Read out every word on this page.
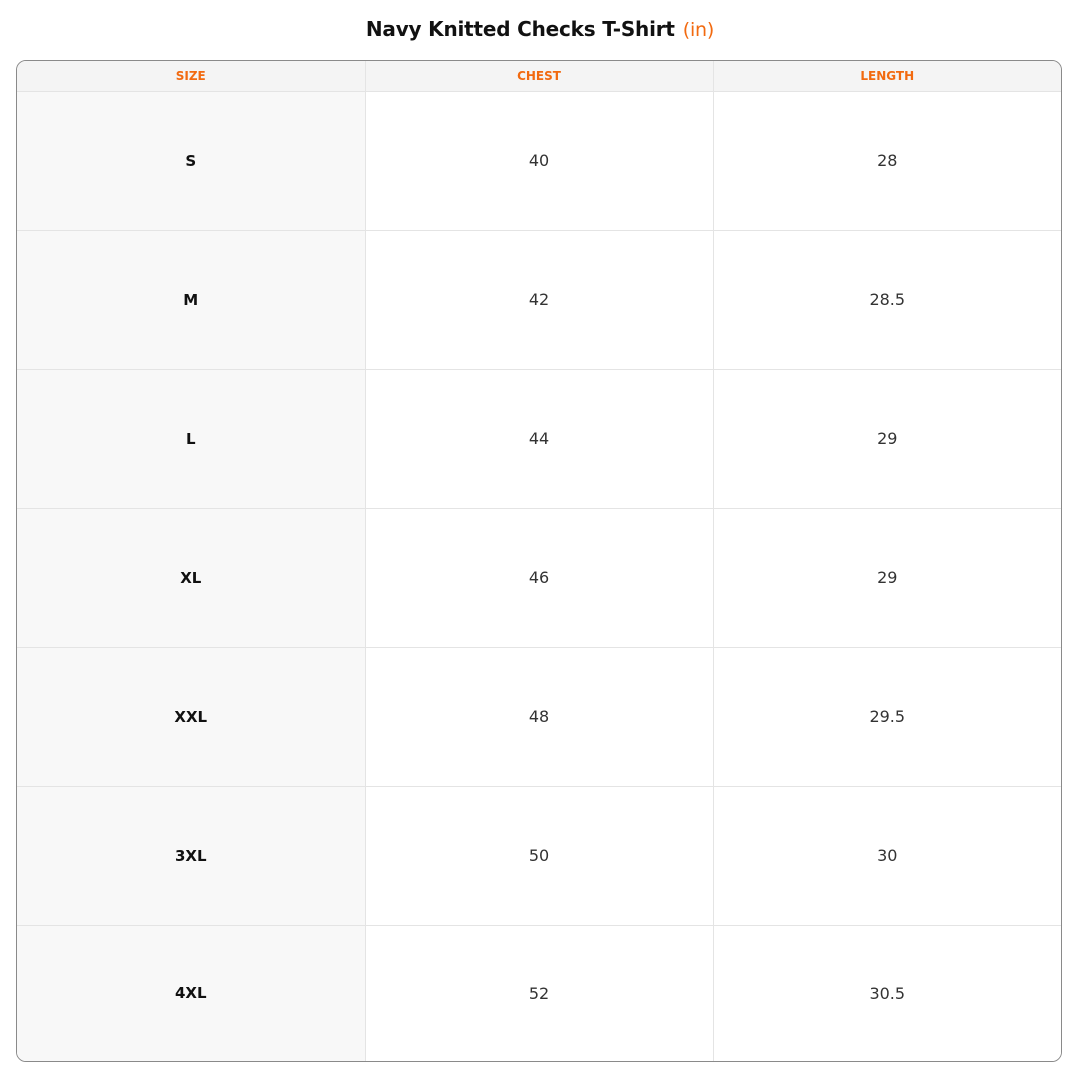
Navy Knitted Checks T-Shirt (in)
SIZE	CHEST	LENGTH
S	40	28
M	42	28.5
L	44	29
XL	46	29
XXL	48	29.5
3XL	50	30
4XL	52	30.5
